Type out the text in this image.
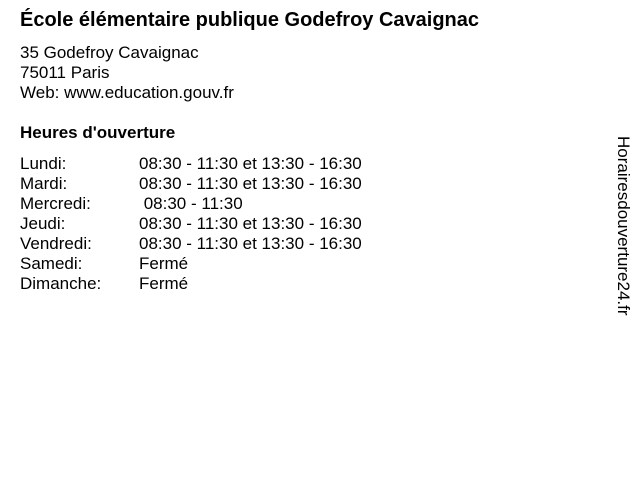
École élémentaire publique Godefroy Cavaignac
35 Godefroy Cavaignac
75011 Paris
Web: www.education.gouv.fr
Heures d'ouverture
Lundi:	08:30 - 11:30 et 13:30 - 16:30
Mardi:	08:30 - 11:30 et 13:30 - 16:30
Mercredi:	08:30 - 11:30
Jeudi:	08:30 - 11:30 et 13:30 - 16:30
Vendredi:	08:30 - 11:30 et 13:30 - 16:30
Samedi:	Fermé
Dimanche: Fermé	Horairesdouverture24.fr
